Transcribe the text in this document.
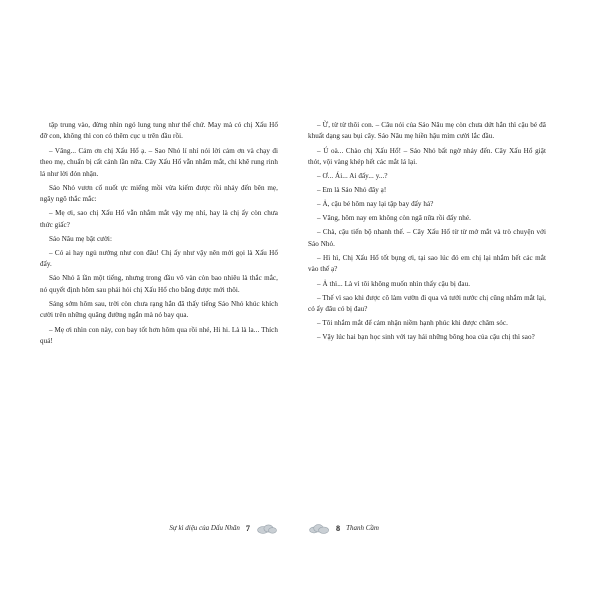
tập trung vào, đừng nhìn ngó lung tung như thế chứ. May mà có chị Xấu Hổ đỡ con, không thì con có thêm cục u trên đầu rồi.

– Vâng... Cảm ơn chị Xấu Hổ ạ. – Sao Nhỏ lí nhí nói lời cảm ơn và chạy đi theo mẹ, chuẩn bị cất cánh lần nữa. Cây Xấu Hổ vẫn nhắm mắt, chỉ khẽ rung rinh lá như lời đón nhận.

Sáo Nhỏ vươn cổ nuốt ực miếng mồi vừa kiếm được rồi nhảy đến bên mẹ, ngây ngô thắc mắc:

– Mẹ ơi, sao chị Xấu Hổ vẫn nhắm mắt vậy mẹ nhỉ, hay là chị ấy còn chưa thức giấc?

Sáo Nâu mẹ bật cười:

– Có ai hay ngủ nướng như con đâu! Chị ấy như vậy nên mới gọi là Xấu Hổ đấy.

Sáo Nhỏ ã lần một tiếng, nhưng trong đầu vô vàn còn bao nhiêu là thắc mắc, nó quyết định hôm sau phải hỏi chị Xấu Hổ cho bằng được mới thôi.

Sáng sớm hôm sau, trời còn chưa rạng hẳn đã thấy tiếng Sáo Nhỏ khúc khích cười trên những quãng đường ngắn mà nó bay qua.

– Mẹ ơi nhìn con này, con bay tốt hơn hôm qua rồi nhé, Hi hi. Là là la... Thích quá!

Sự kì diệu của Dấu Nhãn 7

– Ừ, từ từ thôi con. – Câu nói của Sáo Nâu mẹ còn chưa dứt hẳn thì cậu bé đã khuất dạng sau bụi cây. Sáo Nâu mẹ hiền hậu mỉm cười lắc đầu.

– Ú oà... Chào chị Xấu Hổ! – Sáo Nhỏ bất ngờ nhảy đến. Cây Xấu Hổ giật thót, vội vàng khép hết các mắt lá lại.

– Ơ... Ái... Ai đấy... y...?

– Em là Sáo Nhỏ đây ạ!

– Ả, cậu bé hôm nay lại tập bay đấy hả?

– Vâng, hôm nay em không còn ngã nữa rồi đấy nhé.

– Chà, cậu tiến bộ nhanh thế. – Cây Xấu Hổ từ từ mở mắt và trò chuyện với Sáo Nhỏ.

– Hì hì, Chị Xấu Hổ tốt bụng ơi, tại sao lúc đó em chị lại nhắm hết các mắt vào thế ạ?

– Ả thì... Là vì tôi không muốn nhìn thấy cậu bị đau.

– Thế vì sao khi được cô làm vườn đi qua và tưới nước chị cũng nhắm mắt lại, có ấy đâu có bị đau?

– Tôi nhắm mắt để cảm nhận niềm hạnh phúc khi được chăm sóc.

– Vậy lúc hai bạn học sinh với tay hái những bông hoa của cậu chị thì sao?

8 Thanh Cầm
